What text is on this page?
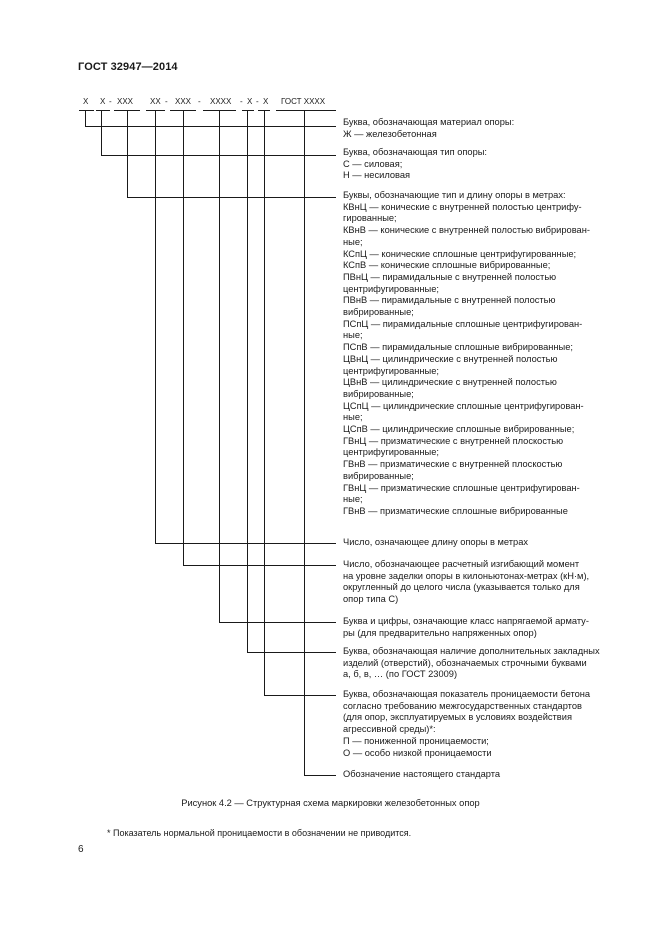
ГОСТ 32947—2014
Х Х - ХХХ ХХ - ХХХ - ХХХХ - Х - Х ГОСТ ХХХХ
Буква, обозначающая материал опоры:
Ж — железобетонная
Буква, обозначающая тип опоры:
С — силовая;
Н — несиловая
Буквы, обозначающие тип и длину опоры в метрах:
КВнЦ — конические с внутренней полостью центрифу-
гированные;
КВнВ — конические с внутренней полостью вибрирован-
ные;
КСпЦ — конические сплошные центрифугированные;
КСпВ — конические сплошные вибрированные;
ПВнЦ — пирамидальные с внутренней полостью
центрифугированные;
ПВнВ — пирамидальные с внутренней полостью
вибрированные;
ПСпЦ — пирамидальные сплошные центрифугирован-
ные;
ПСпВ — пирамидальные сплошные вибрированные;
ЦВнЦ — цилиндрические с внутренней полостью
центрифугированные;
ЦВнВ — цилиндрические с внутренней полостью
вибрированные;
ЦСпЦ — цилиндрические сплошные центрифугирован-
ные;
ЦСпВ — цилиндрические сплошные вибрированные;
ГВнЦ — призматические с внутренней плоскостью
центрифугированные;
ГВнВ — призматические с внутренней плоскостью
вибрированные;
ГВнЦ — призматические сплошные центрифугирован-
ные;
ГВнВ — призматические сплошные вибрированные
Число, означающее длину опоры в метрах
Число, обозначающее расчетный изгибающий момент
на уровне заделки опоры в килоньютонах-метрах (кН·м),
округленный до целого числа (указывается только для
опор типа С)
Буква и цифры, означающие класс напрягаемой армату-
ры (для предварительно напряженных опор)
Буква, обозначающая наличие дополнительных закладных
изделий (отверстий), обозначаемых строчными буквами
а, б, в, … (по ГОСТ 23009)
Буква, обозначающая показатель проницаемости бетона
согласно требованию межгосударственных стандартов
(для опор, эксплуатируемых в условиях воздействия
агрессивной среды)*:
П — пониженной проницаемости;
О — особо низкой проницаемости
Обозначение настоящего стандарта
Рисунок 4.2 — Структурная схема маркировки железобетонных опор
* Показатель нормальной проницаемости в обозначении не приводится.
6
